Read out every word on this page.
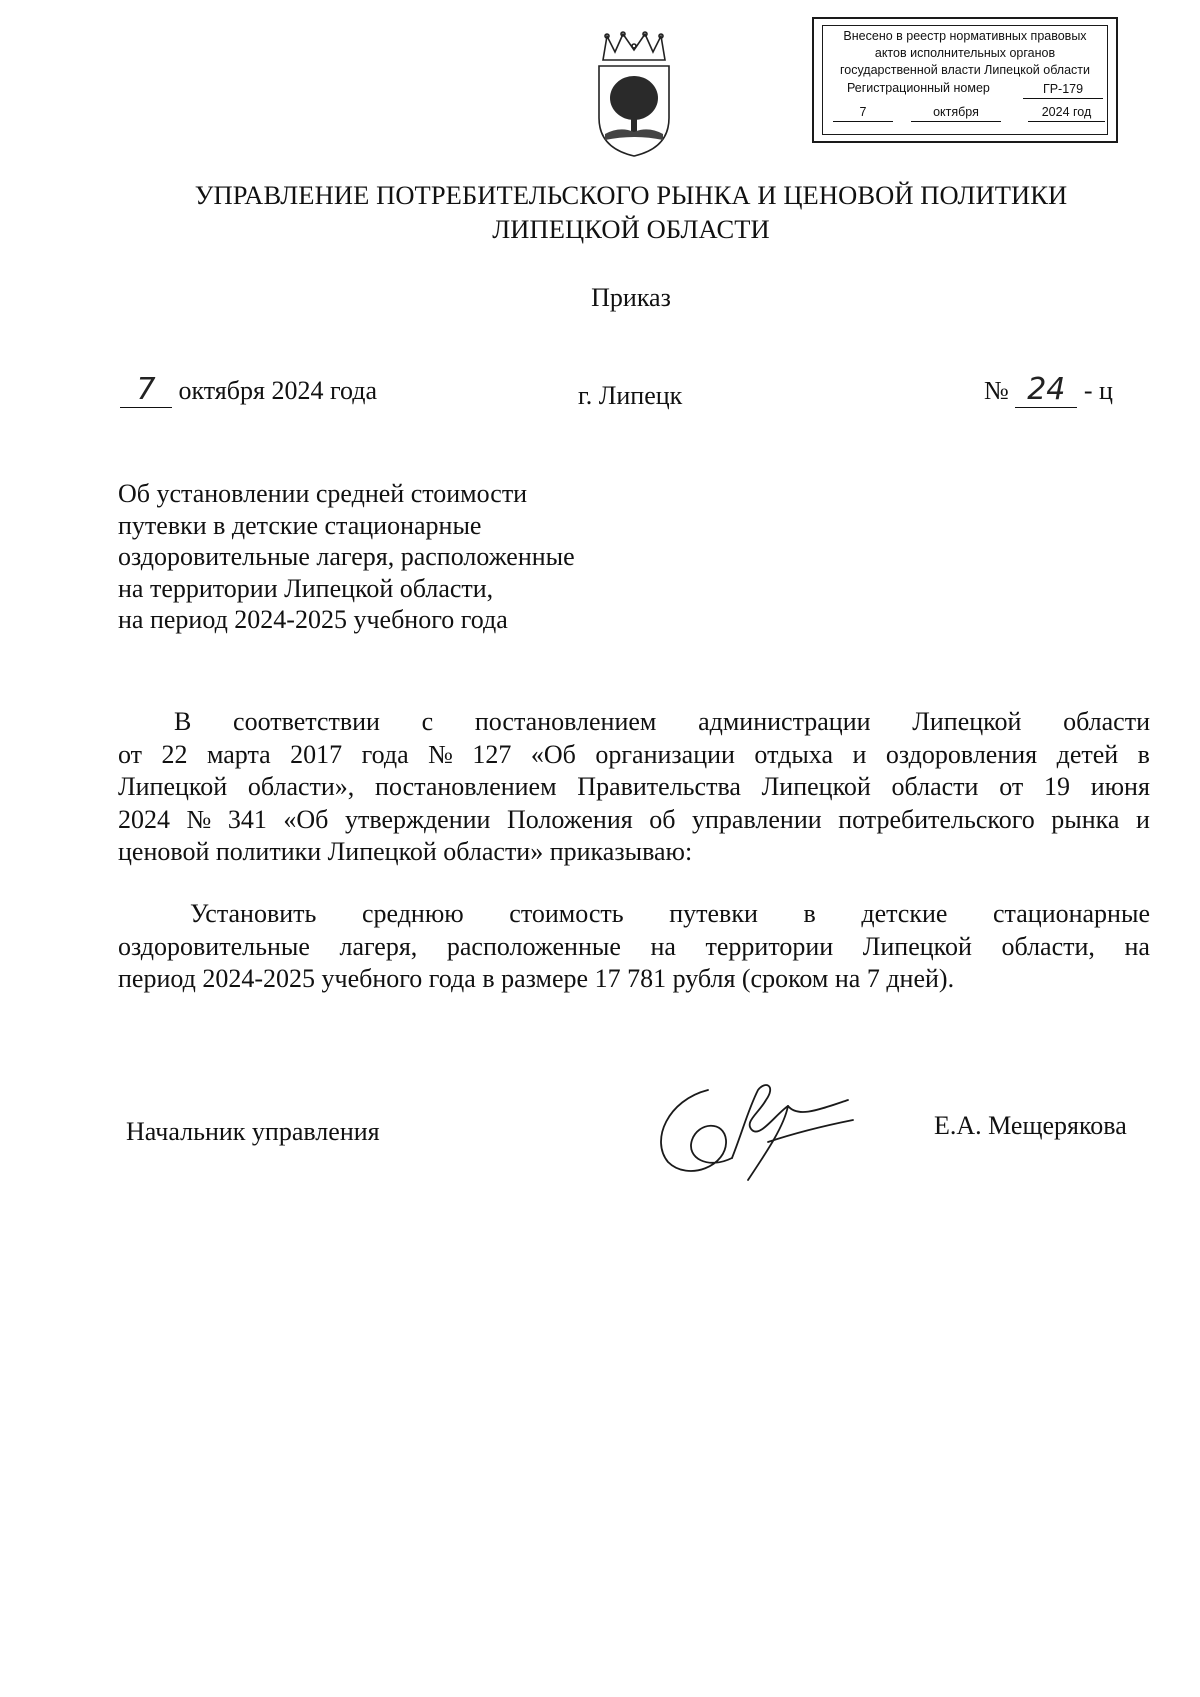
Внесено в реестр нормативных правовых
актов исполнительных органов
государственной власти Липецкой области
Регистрационный номер	ГР-179
7	октября	2024 год
УПРАВЛЕНИЕ ПОТРЕБИТЕЛЬСКОГО РЫНКА И ЦЕНОВОЙ ПОЛИТИКИ
ЛИПЕЦКОЙ ОБЛАСТИ
Приказ
7 октября 2024 года	г. Липецк	№ 24 - ц
Об установлении средней стоимости
путевки в детские стационарные
оздоровительные лагеря, расположенные
на территории Липецкой области,
на период 2024-2025 учебного года
В соответствии с постановлением администрации Липецкой области
от 22 марта 2017 года № 127 «Об организации отдыха и оздоровления детей в
Липецкой области», постановлением Правительства Липецкой области от 19 июня
2024 № 341 «Об утверждении Положения об управлении потребительского рынка и
ценовой политики Липецкой области» приказываю:
Установить среднюю стоимость путевки в детские стационарные
оздоровительные лагеря, расположенные на территории Липецкой области, на
период 2024-2025 учебного года в размере 17 781 рубля (сроком на 7 дней).
Начальник управления	Е.А. Мещерякова
